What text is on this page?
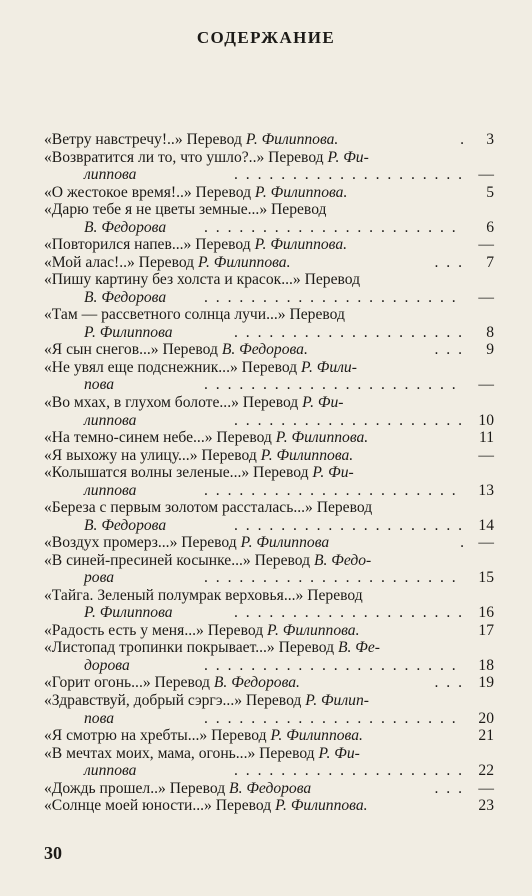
СОДЕРЖАНИЕ
«Ветру навстречу!..» Перевод Р. Филиппова.	3
.
«Возвратится ли то, что ушло?..» Перевод Р. Фи-
липпова	—
. . .
«О жестокое время!..» Перевод Р. Филиппова.	5
«Дарю тебе я не цветы земные...» Перевод
В. Федорова	6
. . .
«Повторился напев...» Перевод Р. Филиппова.	—
«Мой алас!..» Перевод Р. Филиппова.	7
. . .
«Пишу картину без холста и красок...» Перевод
В. Федорова	—
. . .
«Там — рассветного солнца лучи...» Перевод
Р. Филиппова	8
. . .
«Я сын снегов...» Перевод В. Федорова.	9
. . .
«Не увял еще подснежник...» Перевод Р. Фили-
пова	—
. . .
«Во мхах, в глухом болоте...» Перевод Р. Фи-
липпова	10
. . .
«На темно-синем небе...» Перевод Р. Филиппова.	11
«Я выхожу на улицу...» Перевод Р. Филиппова.	—
«Колышатся волны зеленые...» Перевод Р. Фи-
липпова	13
. . .
«Береза с первым золотом рассталась...» Перевод
В. Федорова	14
. . .
«Воздух промерз...» Перевод Р. Филиппова	—
.
«В синей-пресиней косынке...» Перевод В. Федо-
рова	15
. . .
«Тайга. Зеленый полумрак верховья...» Перевод
Р. Филиппова	16
. . .
«Радость есть у меня...» Перевод Р. Филиппова.	17
«Листопад тропинки покрывает...» Перевод В. Фе-
дорова	18
. . .
«Горит огонь...» Перевод В. Федорова.	19
. . .
«Здравствуй, добрый сэргэ...» Перевод Р. Филип-
пова	20
. . .
«Я смотрю на хребты...» Перевод Р. Филиппова.	21
«В мечтах моих, мама, огонь...» Перевод Р. Фи-
липпова	22
. . .
«Дождь прошел..» Перевод В. Федорова	—
. . .
«Солнце моей юности...» Перевод Р. Филиппова.	23
30
